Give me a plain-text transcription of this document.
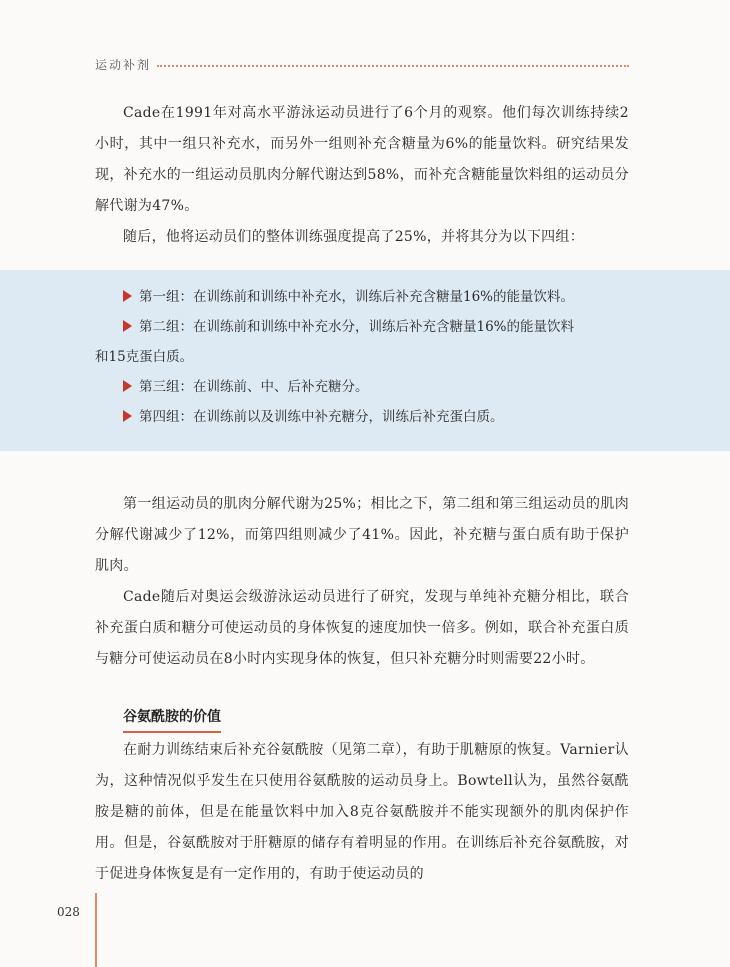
运动补剂

Cade在1991年对高水平游泳运动员进行了6个月的观察。他们每次训练持续2小时，其中一组只补充水，而另外一组则补充含糖量为6%的能量饮料。研究结果发现，补充水的一组运动员肌肉分解代谢达到58%，而补充含糖能量饮料组的运动员分解代谢为47%。

随后，他将运动员们的整体训练强度提高了25%，并将其分为以下四组：

第一组：在训练前和训练中补充水，训练后补充含糖量16%的能量饮料。
第二组：在训练前和训练中补充水分，训练后补充含糖量16%的能量饮料
和15克蛋白质。
第三组：在训练前、中、后补充糖分。
第四组：在训练前以及训练中补充糖分，训练后补充蛋白质。

第一组运动员的肌肉分解代谢为25%；相比之下，第二组和第三组运动员的肌肉分解代谢减少了12%，而第四组则减少了41%。因此，补充糖与蛋白质有助于保护肌肉。

Cade随后对奥运会级游泳运动员进行了研究，发现与单纯补充糖分相比，联合补充蛋白质和糖分可使运动员的身体恢复的速度加快一倍多。例如，联合补充蛋白质与糖分可使运动员在8小时内实现身体的恢复，但只补充糖分时则需要22小时。

谷氨酰胺的价值

在耐力训练结束后补充谷氨酰胺（见第二章），有助于肌糖原的恢复。Varnier认为，这种情况似乎发生在只使用谷氨酰胺的运动员身上。Bowtell认为，虽然谷氨酰胺是糖的前体，但是在能量饮料中加入8克谷氨酰胺并不能实现额外的肌肉保护作用。但是，谷氨酰胺对于肝糖原的储存有着明显的作用。在训练后补充谷氨酰胺，对于促进身体恢复是有一定作用的，有助于使运动员的

028
